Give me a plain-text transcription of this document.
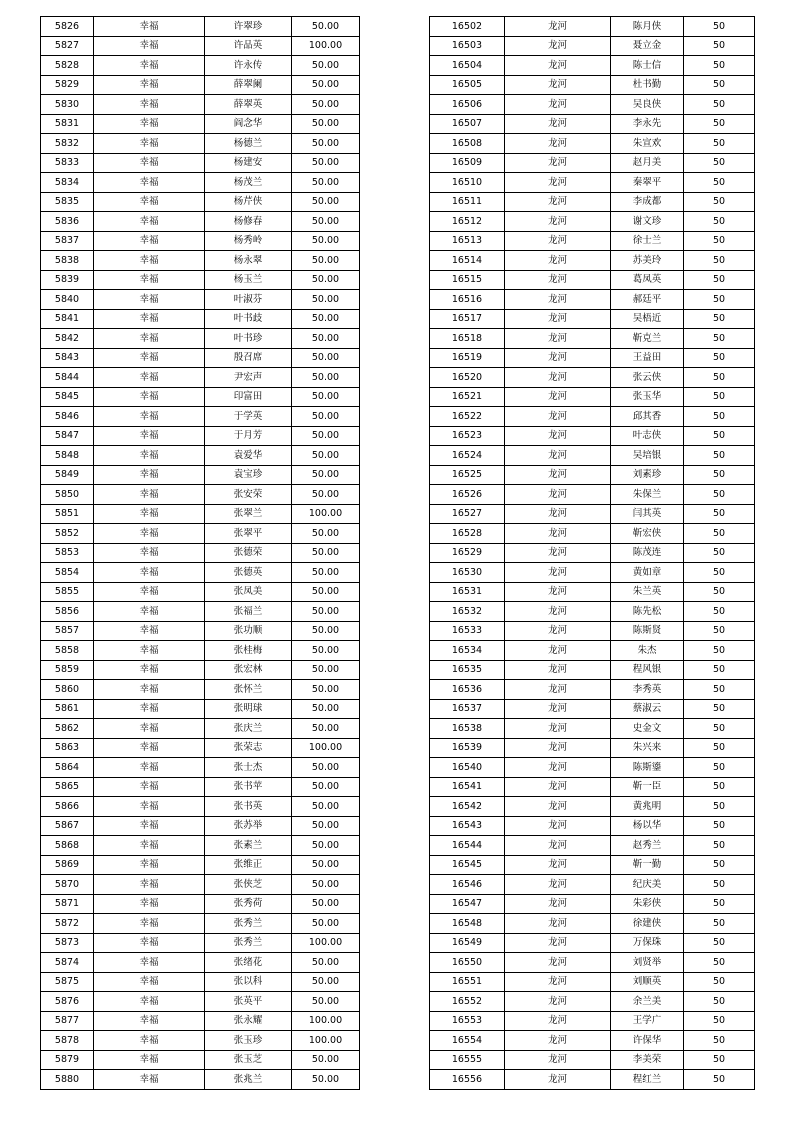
5826	幸福	许翠珍	50.00
5827	幸福	许品英	100.00
5828	幸福	许永传	50.00
5829	幸福	薛翠阑	50.00
5830	幸福	薛翠英	50.00
5831	幸福	阎念华	50.00
5832	幸福	杨德兰	50.00
5833	幸福	杨建安	50.00
5834	幸福	杨茂兰	50.00
5835	幸福	杨芹侠	50.00
5836	幸福	杨修春	50.00
5837	幸福	杨秀岭	50.00
5838	幸福	杨永翠	50.00
5839	幸福	杨玉兰	50.00
5840	幸福	叶淑芬	50.00
5841	幸福	叶书歧	50.00
5842	幸福	叶书珍	50.00
5843	幸福	殷召席	50.00
5844	幸福	尹宏声	50.00
5845	幸福	印富田	50.00
5846	幸福	于学英	50.00
5847	幸福	于月芳	50.00
5848	幸福	袁爱华	50.00
5849	幸福	袁宝珍	50.00
5850	幸福	张安荣	50.00
5851	幸福	张翠兰	100.00
5852	幸福	张翠平	50.00
5853	幸福	张德荣	50.00
5854	幸福	张德英	50.00
5855	幸福	张凤美	50.00
5856	幸福	张福兰	50.00
5857	幸福	张功顺	50.00
5858	幸福	张桂梅	50.00
5859	幸福	张宏林	50.00
5860	幸福	张怀兰	50.00
5861	幸福	张明球	50.00
5862	幸福	张庆兰	50.00
5863	幸福	张荣志	100.00
5864	幸福	张士杰	50.00
5865	幸福	张书苹	50.00
5866	幸福	张书英	50.00
5867	幸福	张苏举	50.00
5868	幸福	张素兰	50.00
5869	幸福	张维正	50.00
5870	幸福	张侠芝	50.00
5871	幸福	张秀荷	50.00
5872	幸福	张秀兰	50.00
5873	幸福	张秀兰	100.00
5874	幸福	张绪花	50.00
5875	幸福	张以科	50.00
5876	幸福	张英平	50.00
5877	幸福	张永耀	100.00
5878	幸福	张玉珍	100.00
5879	幸福	张玉芝	50.00
5880	幸福	张兆兰	50.00
16502	龙河	陈月侠	50
16503	龙河	聂立金	50
16504	龙河	陈士信	50
16505	龙河	杜书勤	50
16506	龙河	吴良侠	50
16507	龙河	李永先	50
16508	龙河	朱宣欢	50
16509	龙河	赵月美	50
16510	龙河	秦翠平	50
16511	龙河	李成都	50
16512	龙河	谢文珍	50
16513	龙河	徐士兰	50
16514	龙河	苏美玲	50
16515	龙河	葛凤英	50
16516	龙河	郝廷平	50
16517	龙河	吴梧近	50
16518	龙河	靳克兰	50
16519	龙河	王益田	50
16520	龙河	张云侠	50
16521	龙河	张玉华	50
16522	龙河	邱其香	50
16523	龙河	叶志侠	50
16524	龙河	吴培银	50
16525	龙河	刘素珍	50
16526	龙河	朱保兰	50
16527	龙河	闫其英	50
16528	龙河	靳宏侠	50
16529	龙河	陈茂连	50
16530	龙河	黄如章	50
16531	龙河	朱兰英	50
16532	龙河	陈先松	50
16533	龙河	陈斯贤	50
16534	龙河	朱杰	50
16535	龙河	程风银	50
16536	龙河	李秀英	50
16537	龙河	蔡淑云	50
16538	龙河	史金文	50
16539	龙河	朱兴来	50
16540	龙河	陈斯鎏	50
16541	龙河	靳一臣	50
16542	龙河	黄兆明	50
16543	龙河	杨以华	50
16544	龙河	赵秀兰	50
16545	龙河	靳一勤	50
16546	龙河	纪庆美	50
16547	龙河	朱彩侠	50
16548	龙河	徐建侠	50
16549	龙河	万保珠	50
16550	龙河	刘贤举	50
16551	龙河	刘顺英	50
16552	龙河	余兰美	50
16553	龙河	王学广	50
16554	龙河	许保华	50
16555	龙河	李美荣	50
16556	龙河	程红兰	50
